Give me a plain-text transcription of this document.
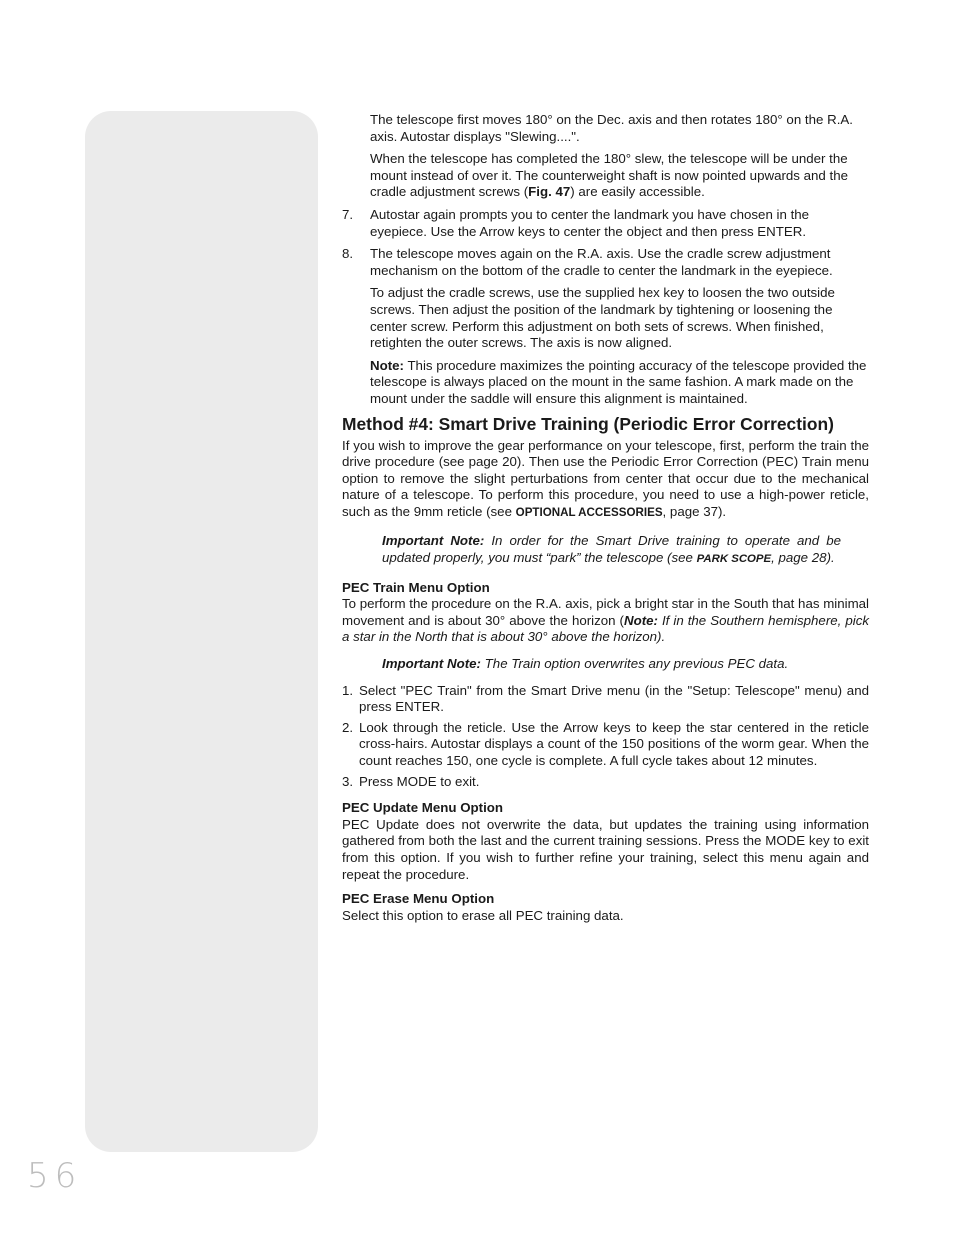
56

The telescope first moves 180° on the Dec. axis and then rotates 180° on the R.A. axis. Autostar displays "Slewing....".

When the telescope has completed the 180° slew, the telescope will be under the mount instead of over it. The counterweight shaft is now pointed upwards and the cradle adjustment screws (Fig. 47) are easily accessible.

7. Autostar again prompts you to center the landmark you have chosen in the eyepiece. Use the Arrow keys to center the object and then press ENTER.
8. The telescope moves again on the R.A. axis. Use the cradle screw adjustment mechanism on the bottom of the cradle to center the landmark in the eyepiece.

To adjust the cradle screws, use the supplied hex key to loosen the two outside screws. Then adjust the position of the landmark by tightening or loosening the center screw. Perform this adjustment on both sets of screws. When finished, retighten the outer screws. The axis is now aligned.

Note: This procedure maximizes the pointing accuracy of the telescope provided the telescope is always placed on the mount in the same fashion. A mark made on the mount under the saddle will ensure this alignment is maintained.

Method #4: Smart Drive Training (Periodic Error Correction)

If you wish to improve the gear performance on your telescope, first, perform the train the drive procedure (see page 20). Then use the Periodic Error Correction (PEC) Train menu option to remove the slight perturbations from center that occur due to the mechanical nature of a telescope. To perform this procedure, you need to use a high-power reticle, such as the 9mm reticle (see OPTIONAL ACCESSORIES, page 37).

Important Note: In order for the Smart Drive training to operate and be updated properly, you must “park” the telescope (see PARK SCOPE, page 28).

PEC Train Menu Option

To perform the procedure on the R.A. axis, pick a bright star in the South that has minimal movement and is about 30° above the horizon (Note: If in the Southern hemisphere, pick a star in the North that is about 30° above the horizon).

Important Note: The Train option overwrites any previous PEC data.

1. Select "PEC Train" from the Smart Drive menu (in the "Setup: Telescope" menu) and press ENTER.
2. Look through the reticle. Use the Arrow keys to keep the star centered in the reticle cross-hairs. Autostar displays a count of the 150 positions of the worm gear. When the count reaches 150, one cycle is complete. A full cycle takes about 12 minutes.
3. Press MODE to exit.
PEC Update Menu Option

PEC Update does not overwrite the data, but updates the training using information gathered from both the last and the current training sessions. Press the MODE key to exit from this option. If you wish to further refine your training, select this menu again and repeat the procedure.

PEC Erase Menu Option

Select this option to erase all PEC training data.
